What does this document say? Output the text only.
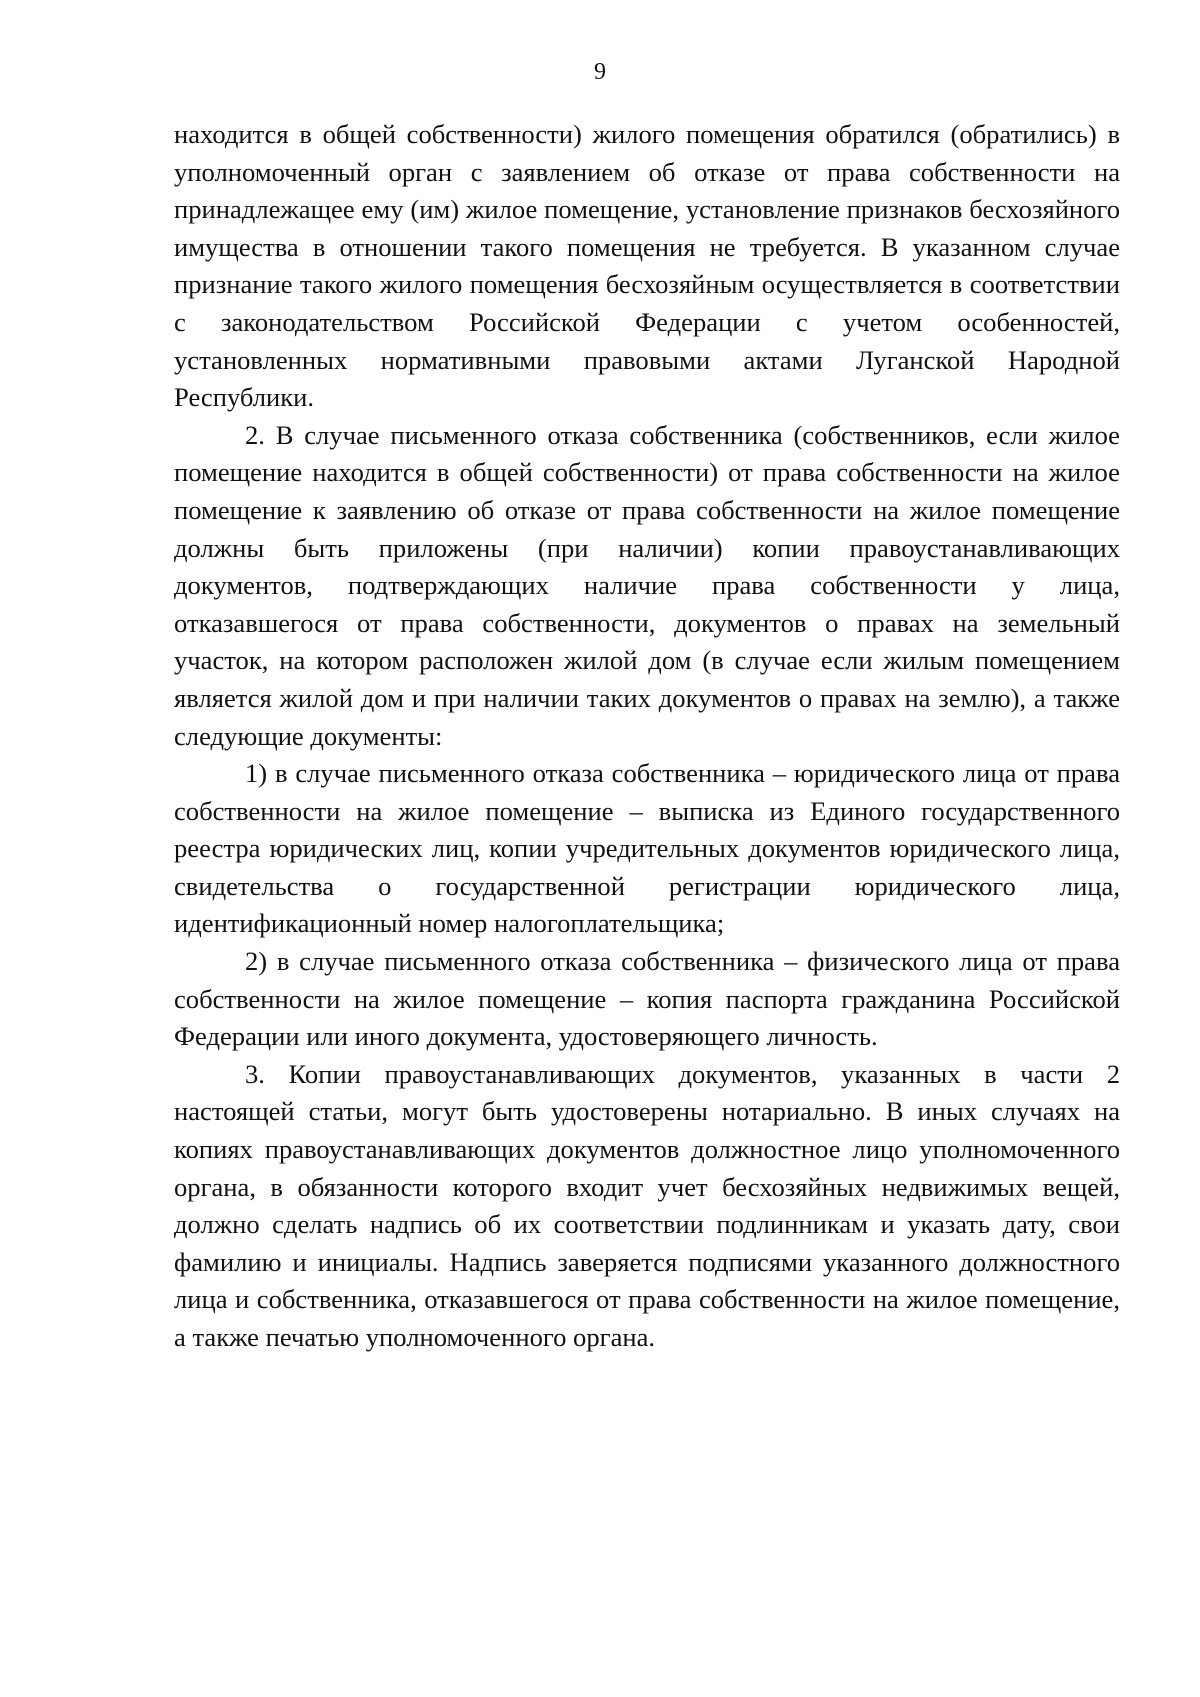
9

находится в общей собственности) жилого помещения обратился (обратились) в уполномоченный орган с заявлением об отказе от права собственности на принадлежащее ему (им) жилое помещение, установление признаков бесхозяйного имущества в отношении такого помещения не требуется. В указанном случае признание такого жилого помещения бесхозяйным осуществляется в соответствии с законодательством Российской Федерации с учетом особенностей, установленных нормативными правовыми актами Луганской Народной Республики.

2. В случае письменного отказа собственника (собственников, если жилое помещение находится в общей собственности) от права собственности на жилое помещение к заявлению об отказе от права собственности на жилое помещение должны быть приложены (при наличии) копии правоустанавливающих документов, подтверждающих наличие права собственности у лица, отказавшегося от права собственности, документов о правах на земельный участок, на котором расположен жилой дом (в случае если жилым помещением является жилой дом и при наличии таких документов о правах на землю), а также следующие документы:

1) в случае письменного отказа собственника – юридического лица от права собственности на жилое помещение – выписка из Единого государственного реестра юридических лиц, копии учредительных документов юридического лица, свидетельства о государственной регистрации юридического лица, идентификационный номер налогоплательщика;

2) в случае письменного отказа собственника – физического лица от права собственности на жилое помещение – копия паспорта гражданина Российской Федерации или иного документа, удостоверяющего личность.

3. Копии правоустанавливающих документов, указанных в части 2 настоящей статьи, могут быть удостоверены нотариально. В иных случаях на копиях правоустанавливающих документов должностное лицо уполномоченного органа, в обязанности которого входит учет бесхозяйных недвижимых вещей, должно сделать надпись об их соответствии подлинникам и указать дату, свои фамилию и инициалы. Надпись заверяется подписями указанного должностного лица и собственника, отказавшегося от права собственности на жилое помещение, а также печатью уполномоченного органа.
